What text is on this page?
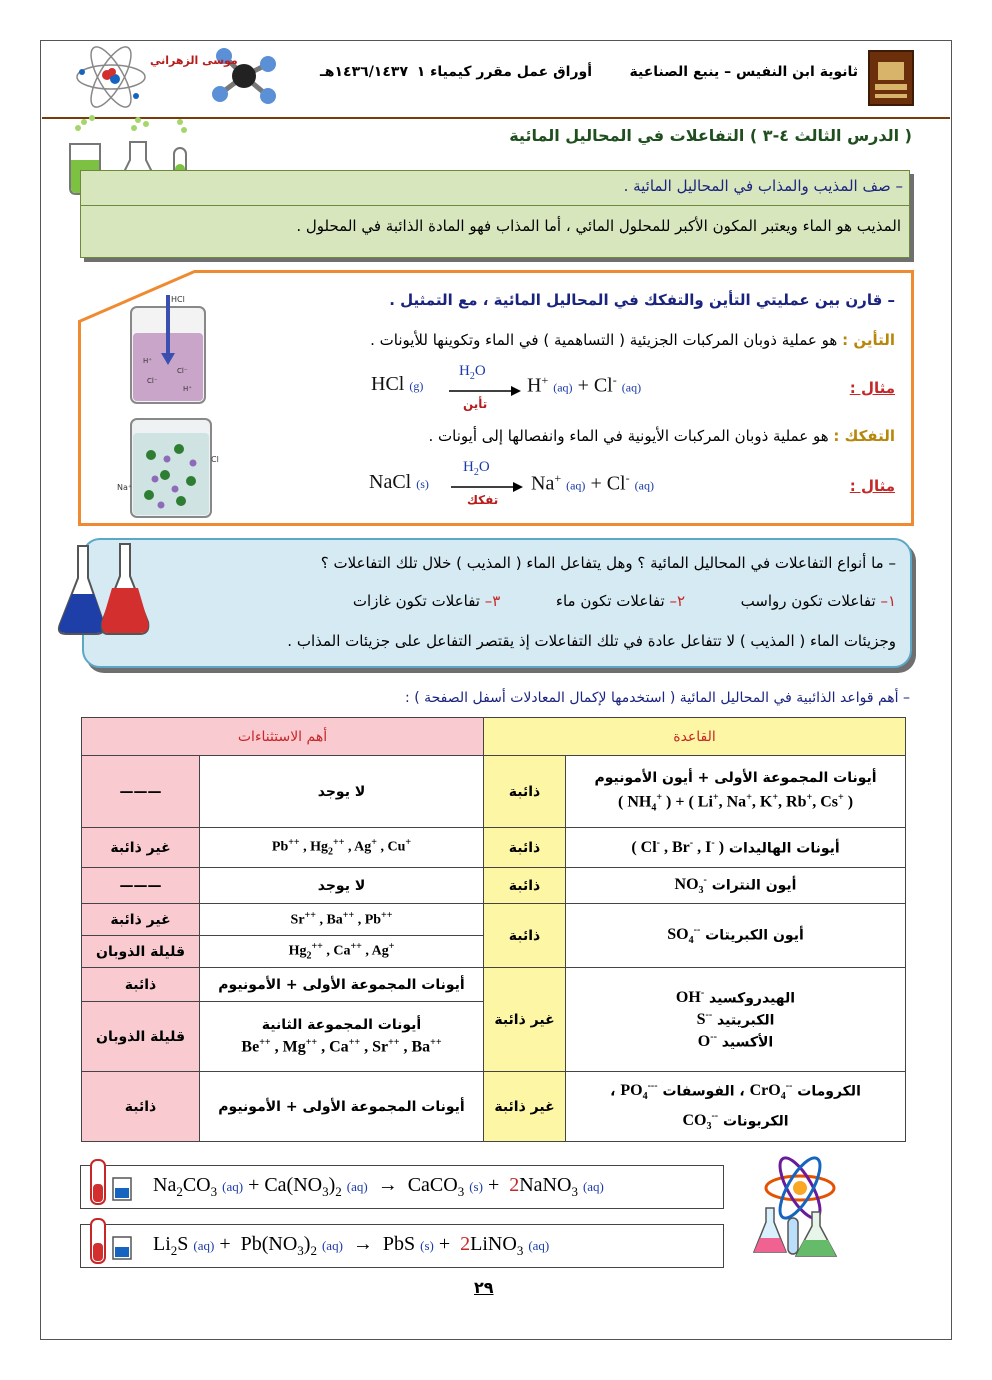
ثانوية ابن النفيس – ينبع الصناعية
أوراق عمل مقرر كيمياء ١
١٤٣٦/١٤٣٧هـ
موسى الزهراني
( الدرس الثالث ٤-٣ ) التفاعلات في المحاليل المائية
– صف المذيب والمذاب في المحاليل المائية .
المذيب هو الماء ويعتبر المكون الأكبر للمحلول المائي ، أما المذاب فهو المادة الذائبة في المحلول .
– قارن بين عمليتي التأين والتفكك في المحاليل المائية ، مع التمثيل .
التأين : هو عملية ذوبان المركبات الجزيئية ( التساهمية ) في الماء وتكوينها للأيونات .
مثال :
HCl (g)
$H_2O$
تأين
H+ (aq) + Cl- (aq)
التفكك : هو عملية ذوبان المركبات الأيونية في الماء وانفصالها إلى أيونات .
مثال :
NaCl (s)
$H_2O$
تفكك
Na+ (aq) + Cl- (aq)
H⁺
Cl⁻
Cl⁻
H⁺
HCl
Cl
Na⁺
– ما أنواع التفاعلات في المحاليل المائية ؟ وهل يتفاعل الماء ( المذيب ) خلال تلك التفاعلات ؟
١– تفاعلات تكون رواسب  ٢– تفاعلات تكون ماء  ٣– تفاعلات تكون غازات
وجزيئات الماء ( المذيب ) لا تتفاعل عادة في تلك التفاعلات إذ يقتصر التفاعل على جزيئات المذاب .
– أهم قواعد الذائبية في المحاليل المائية ( استخدمها لإكمال المعادلات أسفل الصفحة ) :
القاعدة		أهم الاستثناءات	

أيونات المجموعة الأولى + أيون الأمونيوم
( $NH_4^+$ ) + ( Li+, Na+, K+, Rb+, Cs+ )	ذائبة	لا يوجد	———
أيونات الهاليدات ( Cl- , Br- , I- )	ذائبة	Pb++ , $Hg_2^{++}$ , Ag+ , Cu+	غير ذائبة
أيون النترات $NO_3^-$	ذائبة	لا يوجد	———
أيون الكبريتات $SO_4^{--}$	ذائبة	Sr++ , Ba++ , Pb++	غير ذائبة
		$Hg_2^{++}$ , Ca++ , Ag+	قليلة الذوبان

الهيدروكسيد OH-
الكبريتيد S--
الأكسيد O--	غير ذائبة	أيونات المجموعة الأولى + الأمونيوم	ذائبة

		أيونات المجموعة الثانية
Be++ , Mg++ , Ca++ , Sr++ , Ba++	قليلة الذوبان

الكرومات CrO$_4$-- ، الفوسفات $PO_4^{---}$ ،
الكربونات $CO_3^{--}$	غير ذائبة	أيونات المجموعة الأولى + الأمونيوم	ذائبة
$Na_2CO_3$ $(aq) + Ca(NO_3)_2$ (aq)  →  CaCO$_3$ (s) +  2NaNO$_3$ (aq)
$Li_2S$ $(aq) + Pb(NO_3)_2$ (aq)  →  PbS (s) +  2LiNO$_3$ (aq)
٢٩
